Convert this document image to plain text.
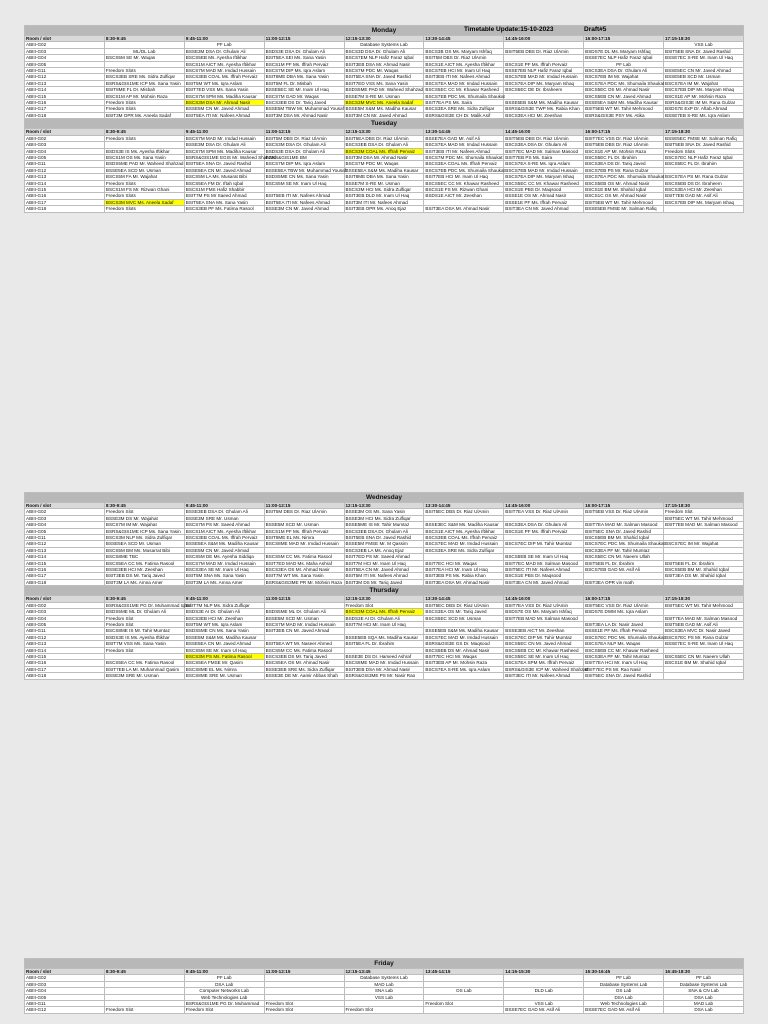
Timetable Update:15-10-2023	Draft#5
Monday								
Room / slot	8:30-9:45	9:45-11:00	11:00-12:15	12:15-13:30	13:30-14:45	14:45-16:00	16:00-17:15	17:15-18:30
ABIII-G02		PF Lab		Database Systems Lab				VSS Lab
ABIII-G03	ML/DL Lab	BSSE3M DSA Dr. Ghulam Ali	BSDS3E DSA Dr. Ghulam Ali	BSCS3D DSA Dr. Ghulam Ali	BSCS3B OS Ms. Maryam Ishfaq	BSIT5EB DBS Dr. Riaz UlAmin	BSDS7E DL Ms. Maryam Ishfaq	BSIT5EB SNA Dr. Javed Rashid
ABIII-G04	BSCS5M SE Mr. Waqas	BSCS5EB Ms. Ayesha Iftikhar	BSIT5EA SEI Ms. Sana Yasin	BSCS7EM NLP Hafiz Faraz Iqbal	BSIT5M DBS Dr. Riaz UlAmin		BSSE7EC NLP Hafiz Faraz Iqbal	BSSE7EC S-RE Mr. Inam Ul Haq
ABIII-G05		BSCS1M AICT Ms. Ayesha Iftikhar	BSCS1M PF Ms. Iffrah Pervaiz	BSIT3EB DSA Mr. Ahmad Nasir	BSCS1E AICT Ms. Ayesha Iftikhar	BSCS1E PF Ms. Iffrah Pervaiz	PF Lab	
ABIII-G11	Freedom Slots	BSCS7M MAD Mr. Imdad Hussain	BSCS7M DIP Ms. Iqra Aslam	BSCS7M PDC Mr. Waqas	BSCS7EB HCI Mr. Inam Ul Haq	BSSE7EB NLP Hafiz Faraz Iqbal	BSCS3EA DSA Dr. Ghulam Ali	BSSE5EC CN Mr. Javed Ahmad
ABIII-G12	BSCS3EB SRE Ms. Sidra Zulfiqar	BSCS3EB COAL Ms. Iffrah Pervaiz	BSIT8ME DBA Ms. Sana Yasin	BSIT5EA SNA Dr. Javed Rashid	BSIT3EB ITI Mr. Nafees Ahmad	BSCS7EB MAD Mr. Imdad Hussain	BSCS7EB IM Mr. Wajahat	BSSE5EB SCD Mr. Usman
ABIII-G13	BSRS&GIS1ME ICP Ms. Sana Yasin	BSIT5M WT Ms. Iqra Aslam	BSIT5M FL Dr. Misbah	BSIT7ED VSS Ms. Sana Yasin	BSCS7EA MAD Mr. Imdad Hussain	BSCS7EA DIP Ms. Maryam Ishaq	BSCS7EA PDC Ms. Shumaila Shaukat	BSCS7EA IM Mr. Wajahat
ABIII-G14	BSIT8ME FL Dr. Misbah	BSIT7ED VSS Ms. Sana Yasin	BSSE5EC SE Mr. Inam Ul Haq	BSDS5ME PAD Mr. Waheed Shahzad	BSCS5EC CC Mr. Khawar Rasheed	BSCS5EC DE Dr. Ibraheem	BSCS5EC OS Mr. Ahmad Nasir	BSCS7EB DIP Ms. Maryam Ishaq
ABIII-G15	BSCS1M AP Mr. Mohsin Raza	BSCS7M SPM Ms. Madiha Kausar	BSCS7M GAD Mr. Waqas	BSSE7M S-RE Mr. Usman	BSCS7EB PDC Ms. Shumaila Shaukat		BSCS5EB CN Mr. Javed Ahmad	BSCS1E AP Mr. Mohsin Raza
ABIII-G16	Freedom Slots	BSCS3M DSA Mr. Ahmad Nasir	BSCS3EB DS Dr. Tariq Javed	BSCS3M MVC Ms. Aneela Sadaf	BSIT7EA PS Ms. Saira	BSSE5EB S&M Ms. Madiha Kausar	BSSE5EA S&M Ms. Madiha Kausar	BSRS&GIS3E IM Mr. Rana Gulzar
ABIII-G17	Freedom Slots	BSSE5M CN Mr. Javed Ahmad	BSSE5M TBW Mr. Muhammad Yousaf	BSSE5M S&M Ms. Madiha Kausar	BSCS3EA SRE Ms. Sidra Zulfiqar	BSRS&GIS3E TWP Ms. Rabia Khan	BSIT5EB WT Mr. Tahir Mehmood	BSDS7E ExP Dr. Aftab Ahmad
ABIII-G18	BSIT3M OPR Ms. Aneela Sadaf	BSIT5EA ITI Mr. Nafees Ahmad	BSIT3M DSA Mr. Ahmad Nasir	BSIT3M CN Mr. Javed Ahmad	BSRS&GIS3E CH Dr. Malik Asif	BSCS3EA HCI Mr. Zeeshan	BSRS&GIS3E PSY Ms. Atika	BSSE7EB S-RE Ms. Iqra Aslam
Tuesday								
Room / slot	8:30-9:45	9:45-11:00	11:00-12:15	12:15-13:30	13:30-14:45	14:45-16:00	16:00-17:15	17:15-18:30
ABIII-G02	Freedom Slots	BSCS7M MAD Mr. Imdad Hussain	BSIT5M DBS Dr. Riaz UlAmin	BSIT5EA DBS Dr. Riaz UlAmin	BSSE7EA GAD Mr. Asif Ali	BSIT5EB DBS Dr. Riaz UlAmin	BSIT7EC VSS Dr. Riaz UlAmin	BSSE5EC FMSE Mr. Salman Rafiq
ABIII-G03		BSSE3M DSA Dr. Ghulam Ali	BSCS3M DSA Dr. Ghulam Ali	BSCS3EB DSA Dr. Ghulam Ali	BSCS7EA MAD Mr. Imdad Hussain	BSCS3EA DSA Dr. Ghulam Ali	BSIT5EB DBS Dr. Riaz UlAmin	BSIT5EB SNA Dr. Javed Rashid
ABIII-G04	BSDS3E IS Ms. Ayesha Iftikhar	BSCS7M SPM Ms. Madiha Kausar	BSDS3E DSA Dr. Ghulam Ali	BSCS3M COAL Ms. Iffrah Pervaiz	BSIT3EB ITI Mr. Nafees Ahmad	BSIT7EC MAD Mr. Salman Masood	BSCS1E AP Mr. Mohsin Raza	Freedom Slots
ABIII-G05	BSCS1M OS Ms. Sana Yasin	BSRS&GIS1ME EGIS Mr. Waheed Shahzad	BSRS&GIS1ME BM	BSIT3M DSA Mr. Ahmad Nasir	BSCS7M PDC Ms. Shumaila Shaukat	BSIT7EB PS Ms. Saira	BSCS5EC FL Dr. Ibrahim	BSCS7EC NLP Hafiz Faraz Iqbal
ABIII-G11	BSDS5ME PAD Mr. Waheed Shahzad	BSIT5EA SNA Dr. Javed Rashid	BSCS7M DIP Ms. Iqra Aslam	BSCS7M PDC Mr. Waqas	BSCS3EA COAL Ms. Iffrah Pervaiz	BSCS7EA S-RE Ms. Iqra Aslam	BSCS3EA DS Dr. Tariq Javed	BSCS5EC FL Dr. Ibrahim
ABIII-G12	BSSE5EA SCD Mr. Usman	BSSE5EA CN Mr. Javed Ahmad	BSSE5EA TBW Mr. Muhammad Yousaf	BSSE5EA S&M Ms. Madiha Kausar	BSCS7EB PDC Ms. Shumaila Shaukat	BSCS7EB MAD Mr. Imdad Hussain	BSCS7EB PS Mr. Rana Gulzar	
ABIII-G13	BSCS5M FA Mr. Wajahat	BSCS5M LA Ms. Musarat Bibi	BSDS5ME CN Ms. Sana Yasin	BSIT8ME DBA Ms. Sana Yasin	BSIT7EB HCI Mr. Inam Ul Haq	BSCS7EA DIP Ms. Maryam Ishaq	BSCS7EA PDC Ms. Shumaila Shaukat	BSCS7EA PS Mr. Rana Gulzar
ABIII-G14	Freedom Slots	BSCS5EA FM Dr. Iftah Iqbal	BSCS5M SE Mr. Inam Ul Haq	BSSE7M S-RE Mr. Usman	BSCS5EC CC Mr. Khawar Rasheed	BSCS5EC CC Mr. Khawar Rasheed	BSCS5EB OS Mr. Ahmad Nasir	BSCS5EB DS Dr. Ibraheem
ABIII-G15	BSCS1M FS Mr. Rizwan Ghani	BSCS1M FMS Hafiz Shabbir		BSCS3M HCI Ms. Sidra Zulfiqar	BSCS1E FS Mr. Rizwan Ghani	BSCS1E PBS Dr. Maqsood	BSCS1E BM Mr. Shahid Iqbal	BSCS3EA HCI Mr. Zeeshan
ABIII-G16	Freedom Slots	BSIT7M PS Mr Saeed Ahmad	BSIT5EB ITI Mr. Nafees Ahmad	BSIT3EB DLD Mr. Inam Ul Haq	BSDS1E AICT Mr. Zeeshan	BSSE1E OS Mr. Ahmad Nasir	BSCS1C OS Mr. Ahmad Nasir	BSIT7EB GAD Mr. Asif Ali
ABIII-G17	BSCS3M MVC Ms. Aneela Sadaf	BSIT5EA SNA Ms. Sana Yasin	BSIT5EA ITI Mr. Nafees Ahmad	BSIT3M ITI Mr. Nafees Ahmad		BSSE1E PF Ms. Iffrah Pervaiz	BSIT5EB WT Mr. Tahir Mehmood	BSCS7EB DIP Ms. Maryam Ishaq
ABIII-G18	Freedom Slots	BSCS3EB PF Ms. Fatima Rasool	BSSE3M CN Mr. Javed Ahmad	BSIT3EB OPR Ms. Anoq Ejaz	BSIT3EA DSA Mr. Ahmad Nasir	BSIT3EA CN Mr. Javed Ahmad	BSSE5EB FMSE Mr. Salman Rafiq	
Wednesday								
Room / slot	8:30-9:45	9:45-11:00	11:00-12:15	12:15-13:30	13:30-14:45	14:45-16:00	16:00-17:15	17:15-18:30
ABIII-G02	Freedom Slot	BSSE3EB DSA Dr. Ghulam Ali	BSIT5M DBS Dr. Riaz UlAmin	BSSE3M OS Ms. Sana Yasin	BSIT5EC DBS Dr. Riaz UlAmin	BSIT7EA VSS Dr. Riaz UlAmin	BSIT5EB VSS Dr. Riaz UlAmin	Freedom Slot
ABIII-G03	BSSE3M DS Mr. Wajahat	BSSE3M SRE Mr. Usman		BSSE3M HCI Ms. Sidra Zulfiqar				BSIT5EC WT Mr. Tahir Mehmood
ABIII-G04	BSCS7M IM Mr. Wajahat	BSCS7M PS Mr. Saeed Ahmad	BSSE5M SCD Mr. Usman	BSSE5ME IS Mr. Tahir Mumtaz	BSSE3EC S&M Ms. Madiha Kausar	BSCS3EA DSA Dr. Ghulam Ali	BSIT7EA MAD Mr. Salman Masood	BSIT7EB MAD Mr. Salman Masood
ABIII-G05	BSRS&GIS1ME ICP Ms. Sana Yasin	BSCS1M AICT Ms. Ayesha Iftikhar	BSCS1M PF Ms. Iffrah Pervaiz	BSCS3EB DSA Dr. Ghulam Ali	BSCS1E AICT Ms. Ayesha Iftikhar	BSCS1E PF Ms. Iffrah Pervaiz	BSIT5EC SNA Dr. Javed Rashid	
ABIII-G11	BSCS3M NLP Ms. Sidra Zulfiqar	BSCS3EB COAL Ms. Iffrah Pervaiz	BSIT8ME EL Ms. Nimra	BSIT5EB SNA Dr. Javed Rashid	BSCS3EB COAL Ms. Iffrah Pervaiz		BSCS5EB BM Mr. Shahid Iqbal	
ABIII-G12	BSSE5EA SCD Mr. Usman	BSSE5EA S&M Ms. Madiha Kausar	BSCS8ME MAD Mr. Imdad Hussain	BSSE5M FMSE Mr. M Qassim	BSCS7EC MAD Mr. Imdad Hussain	BSCS7EC DIP Mr. Tahir Mumtaz	BSCS7EC PDC Ms. Shumaila Shaukat	BSCS7EC IM Mr. Wajahat
ABIII-G13	BSCS5M BM Ms. Musarrat Bibi	BSSE5M CN Mr. Javed Ahmad		BSCS3EB LA Ms. Anoq Ejaz	BSCS3EA SRE Ms. Sidra Zulfiqar		BSCS3EA PF Mr. Tahir Mumtaz	
ABIII-G14	BSCS8ME TBC	BSCS5M DE Ms. Ayesha Siddiqa	BSCS5M CC Ms. Fatima Rasool	BSIT7ED PS Mr. Saeed Ahmad		BSCS5EB SE Mr. Inam Ul Haq	BSCS5EC CN Mr. Naeem Ullah	
ABIII-G15	BSCS5EA CC Ms. Fatima Rasool	BSCS7M MAD Mr. Imdad Hussain	BSIT7ED MAD Ms. Maha Ashraf	BSIT7M HCI Mr. Inam Ul Haq	BSIT7EC HCI Mr. Waqas	BSIT7EC MAD Mr. Salman Masood	BSIT5EB FL Dr. Ibrahim	BSIT5EB FL Dr. Ibrahim
ABIII-G16	BSSE3EB HCI Mr. Zeeshan	BSCS3EA SE Mr. Inam Ul Haq	BSCS3EA OS Mr. Ahmad Nasir	BSIT5EA CN Mr. Javed Ahmad	BSIT7EA HCI Mr. Inam Ul Haq	BSIT5EC ITI Mr. Nafees Ahmad	BSCS7EB GAD Mr. Asif Ali	BSCS5EB BM Mr. Shahid Iqbal
ABIII-G17	BSIT3EB DS Mr. Tariq Javed	BSIT5M SNA Ms. Sana Yasin	BSIT7M WT Ms. Sana Yasin	BSIT5M ITI Mr. Nafees Ahmad	BSIT3EB PS Ms. Rabia Khan	BSCS1E PBS Dr. Maqsood		BSIT3EA DS Mr. Shahid Iqbal
ABIII-G18	BSIT3M LA Ms. Amna Amer	BSIT3M LA Ms. Amna Amer	BSRS&GIS3ME PR Mr. Mohsin Raza	BSIT3M DS Mr. Tariq Javed	BSIT3EA DSA Mr. Ahmad Nasir	BSIT3EA CN Mr. Javed Ahmad	BSIT3EA OPR vin math	
Thursday								
Room / slot	8:30-9:45	9:45-11:00	11:00-12:15	12:15-13:30	13:30-14:45	14:45-16:00	16:00-17:15	17:15-18:30
ABIII-G02	BSRS&GIS1ME PG Dr. Muhammad Iqbal	BSIT7M NLP Ms. Sidra Zulfiqar		Freedom Slot	BSIT5EC DBS Dr. Riaz UlAmin	BSIT7EA VSS Dr. Riaz UlAmin	BSIT5EC VSS Dr. Riaz UlAmin	BSIT5EC WT Mr. Tahir Mehmood
ABIII-G03	BSDS5ME ML Dr. Ghulam Ali	BSDS3E AI Dr. Ghulam Ali	BSDS5ME ML Dr. Ghulam Ali	BSCS3M COAL Ms. Iffrah Pervaiz	BSCS3EA OS Mr. Tariq Javed	BSDS7E OS Ms. Maryam Ishfaq	BSDS7E DWM Ms. Iqra Aslam	
ABIII-G04	Freedom Slot	BSCS3EB HCI Mr. Zeeshan	BSSE5M SCD Mr. Usman	BSDS3E AI Dr. Ghulam Ali	BSCS5EC SCD Mr. Usman	BSIT7EB MAD Mr. Salman Masood		BSIT7EA MAD Mr. Salman Masood
ABIII-G05	Freedom Slot	BSIT5M WT Ms. Iqra Aslam	BSCS7M MAD Mr. Imdad Hussain	BSIT7M HCI Mr. Inam Ul Haq			BSIT3EA LA Dr. Nasir Javed	BSIT5EB GAD Mr. Asif Ali
ABIII-G11	BSCS8ME IS Mr. Tahir Mumtaz	BSDS5ME CN Ms. Sana Yasin	BSIT3EB CN Mr. Javed Ahmad		BSSE5EB S&M Ms. Madiha Kausar	BSSE3EB AICT Mr. Zeeshan	BSSE1E PF Ms. Iffrah Pervaiz	BSCS3EA MVC Dr. Nasir Javed
ABIII-G12	BSDS3E IS Ms. Ayesha Iftikhar	BSSE5M S&M Ms. Madiha Kausar		BSSE5EB SQA Ms. Madiha Kausar	BSCS7EC MAD Mr. Imdad Hussain	BSCS7EC DIP Mr. Tahir Mumtaz	BSCS7EC PDC Ms. Shumaila Shaukat	BSCS7EC PS Mr. Rana Gulzar
ABIII-G13	BSIT7M VSS Ms. Sana Yasin	BSSE5EA CN Mr. Javed Ahmad	BSIT5EA WT Mr. Naseer Ahmed	BSIT5EA FL Dr. Ibrahim	BSRS&GIS3E GS Dr. Maqsood	BSCS5EC CN Mr. Javed Ahmad	BSCS7EA NLP Ms. Waqas	BSSE7EC S-RE Mr. Inam Ul Haq
ABIII-G14	Freedom Slot	BSCS5M SE Mr. Inam Ul Haq	BSCS5M CC Ms. Fatima Rasool		BSCS5EB DS Mr. Ahmad Nasir	BSCS5EB CC Mr. Khawar Rasheed	BSCS5EB CC Mr. Khawar Rasheed	
ABIII-G15		BSCS3M PS Ms. Fatima Rasool	BSCS3EB DS Mr. Tariq Javed	BSSE3E DS Dr. Hameed Ashraf	BSIT7EC HCI Mr. Waqas	BSCS5EC SE Mr. Inam Ul Haq	BSCS3EA PF Mr. Tahir Mumtaz	BSCS5EC CN Mr. Naeem Ullah
ABIII-G16	BSCS5EA CC Ms. Fatima Rasool	BSCS5EA FMSE Mr. Qasim	BSCS5EA OS Mr. Ahmad Nasir	BSCS8ME MAD Mr. Imdad Hussain	BSIT3EB AP Mr. Mohsin Raza	BSCS7EA SPM Ms. Iffrah Pervaiz	BSIT7EA HCI Mr. Inam Ul Haq	BSCS1E BM Mr. Shahid Iqbal
ABIII-G17	BSIT7EB LA Mr. Muhammad Qasim	BSCS8ME EL Ms. Nimra	BSSE3EB SRE Ms. Sidra Zulfiqar	BSIT3EB DSA Mr. Ahmad Nasir	BSCS7EA S-RE Ms. Iqra Aslam	BSRS&GIS3E ICP Mr. Waheed Shahzad	BSIT7EC PS Mr. Rao Nasir	
ABIII-G18	BSSE3M SRE Mr. Usman	BSCS8ME SRE Mr. Usman	BSSE3E DE Mr. Aamir Abbas Shah	BSRS&GIS3ME PS Mr. Nasir Rao		BSIT3EC ITI Mr. Nafees Ahmad	BSIT5EC SNA Dr. Javed Rashid	
Friday								
Room / slot	8:30-9:45	9:45-11:00	11:00-12:15	12:15-13:45	13:45-14:15	14:15-15:30	15:30-16:45	16:45-18:30
ABIII-G02		PF Lab		Database Systems Lab			PF Lab	PF Lab
ABIII-G03		DSA Lab		MAD Lab			Database Systems Lab	Database Systems Lab
ABIII-G04		Computer Networks Lab		SNA Lab	OS Lab	DLD Lab	OS Lab	SNA & CN Lab
ABIII-G05		Web Technologies Lab		VSS Lab			DSA Lab	DSA Lab
ABIII-G11		BSRS&GIS1ME PG Dr. Muhammad	Freedom Slot		Freedom Slot	VSS Lab	Web Technologies Lab	MAD Lab
ABIII-G12	Freedom Slot	Freedom Slot	Freedom Slot	Freedom Slot		BSSE7EC GAD Mr. Asif Ali	BSSE7EC GAD Mr. Asif Ali	DSA Lab
